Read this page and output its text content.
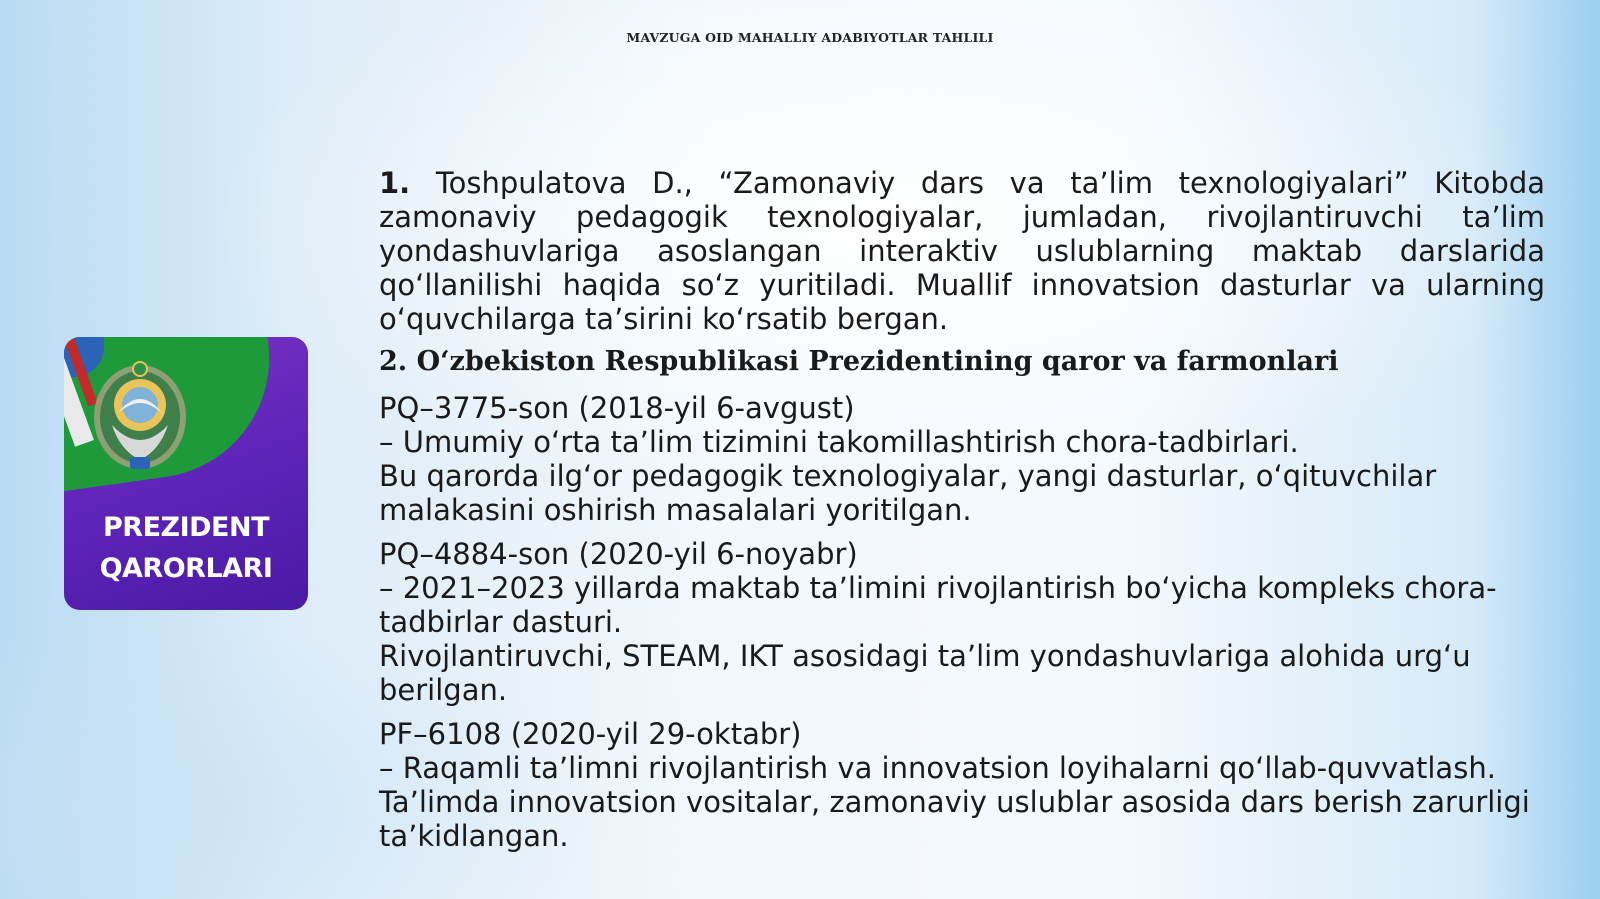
MAVZUGA OID MAHALLIY ADABIYOTLAR TAHLILI
PREZIDENT
QARORLARI

1. Toshpulatova D., “Zamonaviy dars va ta’lim texnologiyalari” Kitobda zamonaviy pedagogik texnologiyalar, jumladan, rivojlantiruvchi ta’lim yondashuvlariga asoslangan interaktiv uslublarning maktab darslarida qo‘llanilishi haqida so‘z yuritiladi. Muallif innovatsion dasturlar va ularning o‘quvchilarga ta’sirini ko‘rsatib bergan.

2. O‘zbekiston Respublikasi Prezidentining qaror va farmonlari

PQ–3775-son (2018-yil 6-avgust)
– Umumiy o‘rta ta’lim tizimini takomillashtirish chora-tadbirlari.
Bu qarorda ilg‘or pedagogik texnologiyalar, yangi dasturlar, o‘qituvchilar malakasini oshirish masalalari yoritilgan.
PQ–4884-son (2020-yil 6-noyabr)
– 2021–2023 yillarda maktab ta’limini rivojlantirish bo‘yicha kompleks chora-tadbirlar dasturi.
Rivojlantiruvchi, STEAM, IKT asosidagi ta’lim yondashuvlariga alohida urg‘u berilgan.
PF–6108 (2020-yil 29-oktabr)
– Raqamli ta’limni rivojlantirish va innovatsion loyihalarni qo‘llab-quvvatlash.
Ta’limda innovatsion vositalar, zamonaviy uslublar asosida dars berish zarurligi ta’kidlangan.
